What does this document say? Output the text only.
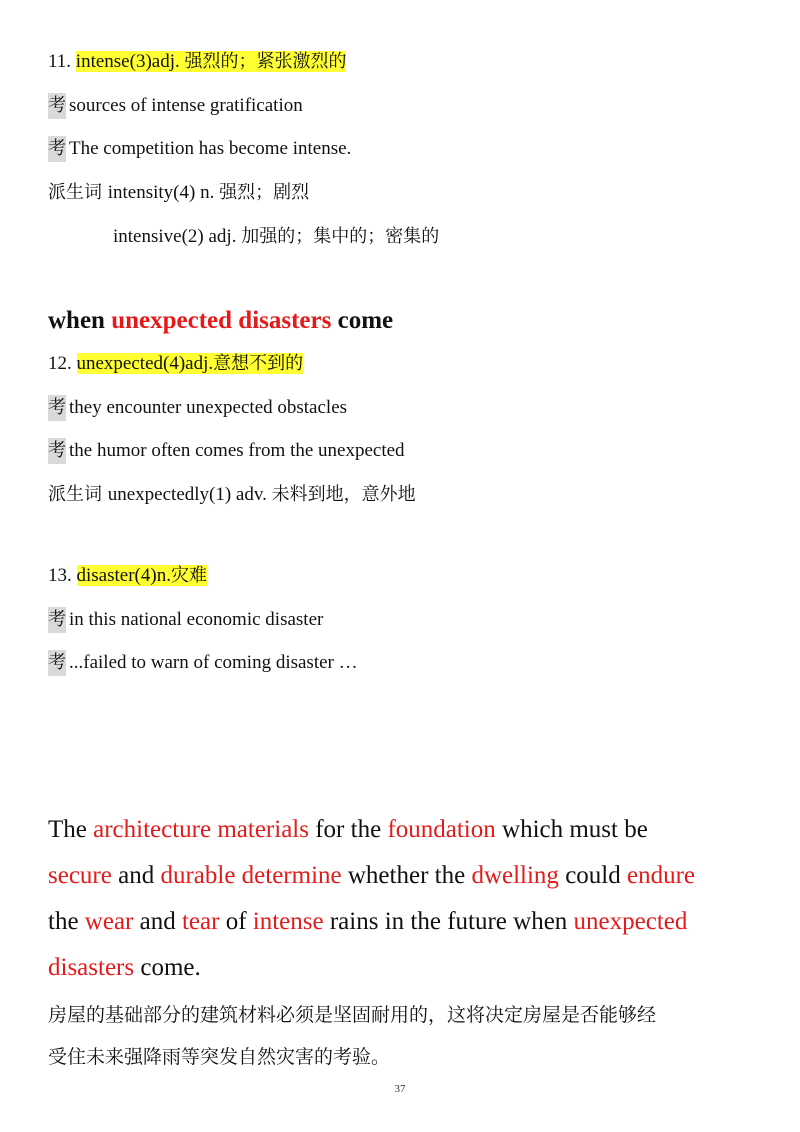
11. intense(3)adj. 强烈的；紧张激烈的
考 sources of intense gratification
考 The competition has become intense.
派生词 intensity(4) n. 强烈；剧烈
intensive(2) adj. 加强的；集中的；密集的
when unexpected disasters come
12. unexpected(4)adj.意想不到的
考 they encounter unexpected obstacles
考 the humor often comes from the unexpected
派生词 unexpectedly(1) adv. 未料到地，意外地
13. disaster(4)n.灾难
考 in this national economic disaster
考 ...failed to warn of coming disaster …
The architecture materials for the foundation which must be
secure and durable determine whether the dwelling could endure
the wear and tear of intense rains in the future when unexpected
disasters come.
房屋的基础部分的建筑材料必须是坚固耐用的，这将决定房屋是否能够经
受住未来强降雨等突发自然灾害的考验。
37
